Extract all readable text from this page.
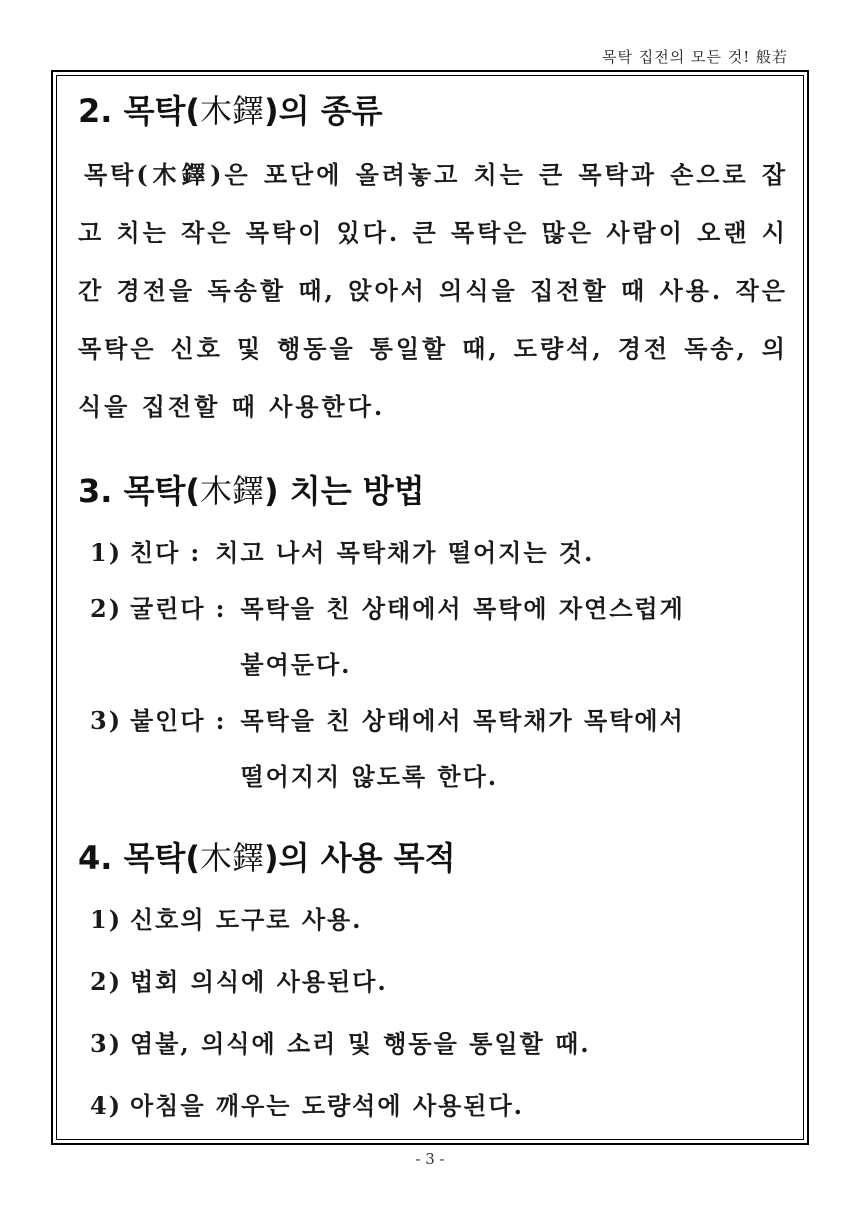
목탁 집전의 모든 것! 般若
2. 목탁(木鐸)의 종류

목탁(木鐸)은 포단에 올려놓고 치는 큰 목탁과 손으로 잡고 치는 작은 목탁이 있다. 큰 목탁은 많은 사람이 오랜 시간 경전을 독송할 때, 앉아서 의식을 집전할 때 사용. 작은 목탁은 신호 및 행동을 통일할 때, 도량석, 경전 독송, 의식을 집전할 때 사용한다.

3. 목탁(木鐸) 치는 방법
1) 친다 : 치고 나서 목탁채가 떨어지는 것.
2) 굴린다 : 목탁을 친 상태에서 목탁에 자연스럽게
붙여둔다.
3) 붙인다 : 목탁을 친 상태에서 목탁채가 목탁에서
떨어지지 않도록 한다.
4. 목탁(木鐸)의 사용 목적
1) 신호의 도구로 사용.
2) 법회 의식에 사용된다.
3) 염불, 의식에 소리 및 행동을 통일할 때.
4) 아침을 깨우는 도량석에 사용된다.
- 3 -
